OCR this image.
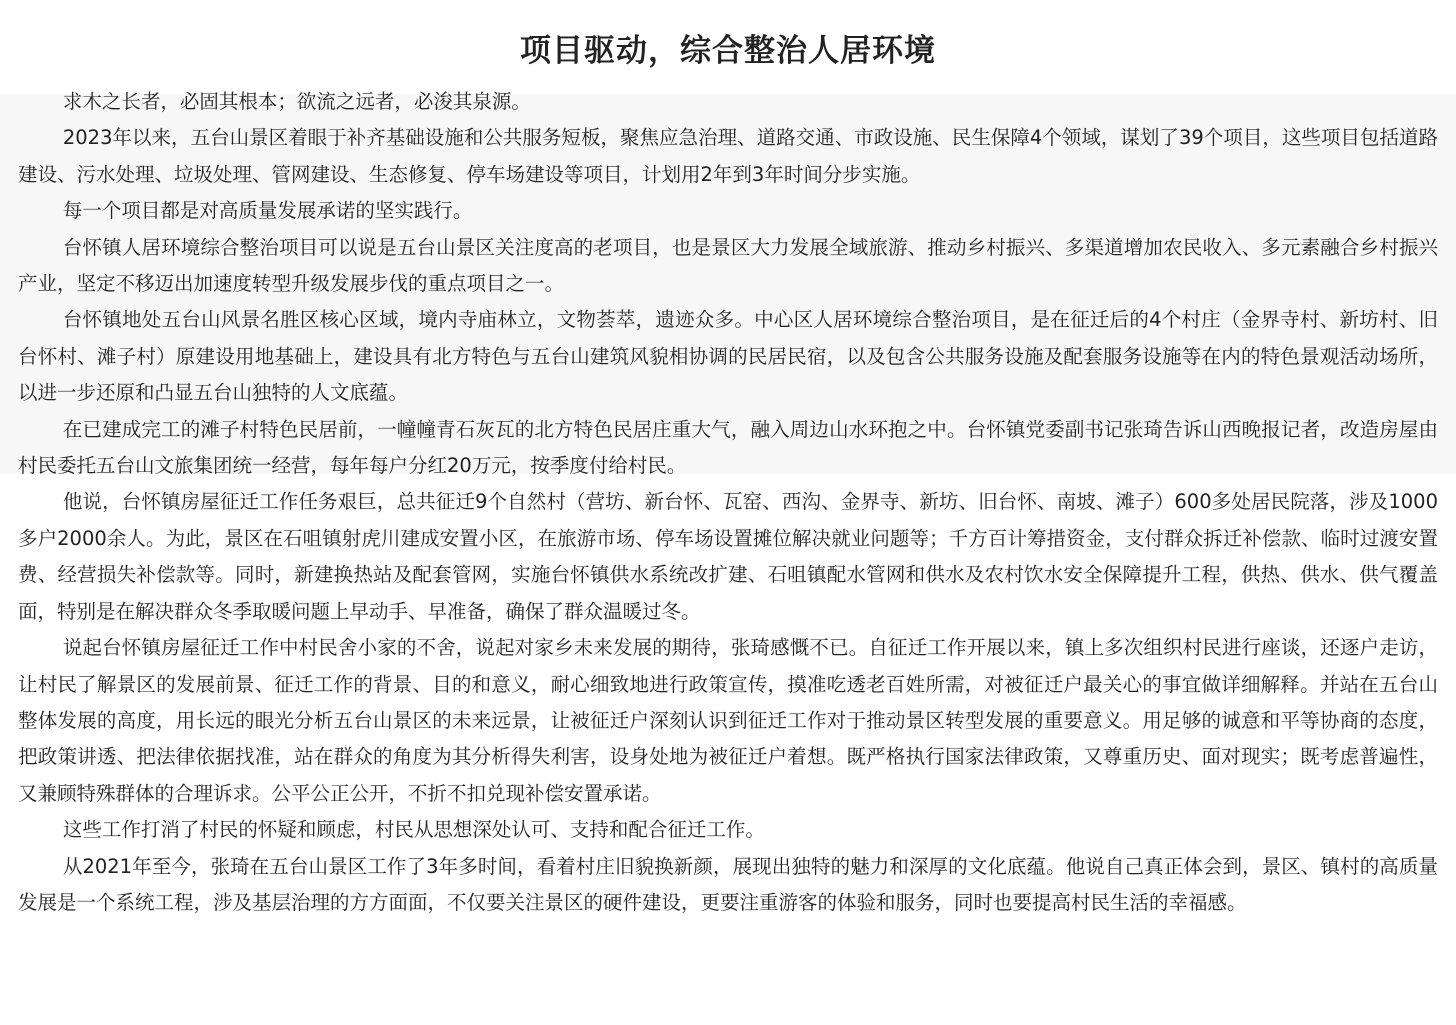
项目驱动，综合整治人居环境

求木之长者，必固其根本；欲流之远者，必浚其泉源。

2023年以来，五台山景区着眼于补齐基础设施和公共服务短板，聚焦应急治理、道路交通、市政设施、民生保障4个领域，谋划了39个项目，这些项目包括道路建设、污水处理、垃圾处理、管网建设、生态修复、停车场建设等项目，计划用2年到3年时间分步实施。

每一个项目都是对高质量发展承诺的坚实践行。

台怀镇人居环境综合整治项目可以说是五台山景区关注度高的老项目，也是景区大力发展全域旅游、推动乡村振兴、多渠道增加农民收入、多元素融合乡村振兴产业，坚定不移迈出加速度转型升级发展步伐的重点项目之一。

台怀镇地处五台山风景名胜区核心区域，境内寺庙林立，文物荟萃，遗迹众多。中心区人居环境综合整治项目，是在征迁后的4个村庄（金界寺村、新坊村、旧台怀村、滩子村）原建设用地基础上，建设具有北方特色与五台山建筑风貌相协调的民居民宿，以及包含公共服务设施及配套服务设施等在内的特色景观活动场所，以进一步还原和凸显五台山独特的人文底蕴。

在已建成完工的滩子村特色民居前，一幢幢青石灰瓦的北方特色民居庄重大气，融入周边山水环抱之中。台怀镇党委副书记张琦告诉山西晚报记者，改造房屋由村民委托五台山文旅集团统一经营，每年每户分红20万元，按季度付给村民。

他说，台怀镇房屋征迁工作任务艰巨，总共征迁9个自然村（营坊、新台怀、瓦窑、西沟、金界寺、新坊、旧台怀、南坡、滩子）600多处居民院落，涉及1000多户2000余人。为此，景区在石咀镇射虎川建成安置小区，在旅游市场、停车场设置摊位解决就业问题等；千方百计筹措资金，支付群众拆迁补偿款、临时过渡安置费、经营损失补偿款等。同时，新建换热站及配套管网，实施台怀镇供水系统改扩建、石咀镇配水管网和供水及农村饮水安全保障提升工程，供热、供水、供气覆盖面，特别是在解决群众冬季取暖问题上早动手、早准备，确保了群众温暖过冬。

说起台怀镇房屋征迁工作中村民舍小家的不舍，说起对家乡未来发展的期待，张琦感慨不已。自征迁工作开展以来，镇上多次组织村民进行座谈，还逐户走访，让村民了解景区的发展前景、征迁工作的背景、目的和意义，耐心细致地进行政策宣传，摸准吃透老百姓所需，对被征迁户最关心的事宜做详细解释。并站在五台山整体发展的高度，用长远的眼光分析五台山景区的未来远景，让被征迁户深刻认识到征迁工作对于推动景区转型发展的重要意义。用足够的诚意和平等协商的态度，把政策讲透、把法律依据找准，站在群众的角度为其分析得失利害，设身处地为被征迁户着想。既严格执行国家法律政策，又尊重历史、面对现实；既考虑普遍性，又兼顾特殊群体的合理诉求。公平公正公开，不折不扣兑现补偿安置承诺。

这些工作打消了村民的怀疑和顾虑，村民从思想深处认可、支持和配合征迁工作。

从2021年至今，张琦在五台山景区工作了3年多时间，看着村庄旧貌换新颜，展现出独特的魅力和深厚的文化底蕴。他说自己真正体会到，景区、镇村的高质量发展是一个系统工程，涉及基层治理的方方面面，不仅要关注景区的硬件建设，更要注重游客的体验和服务，同时也要提高村民生活的幸福感。
